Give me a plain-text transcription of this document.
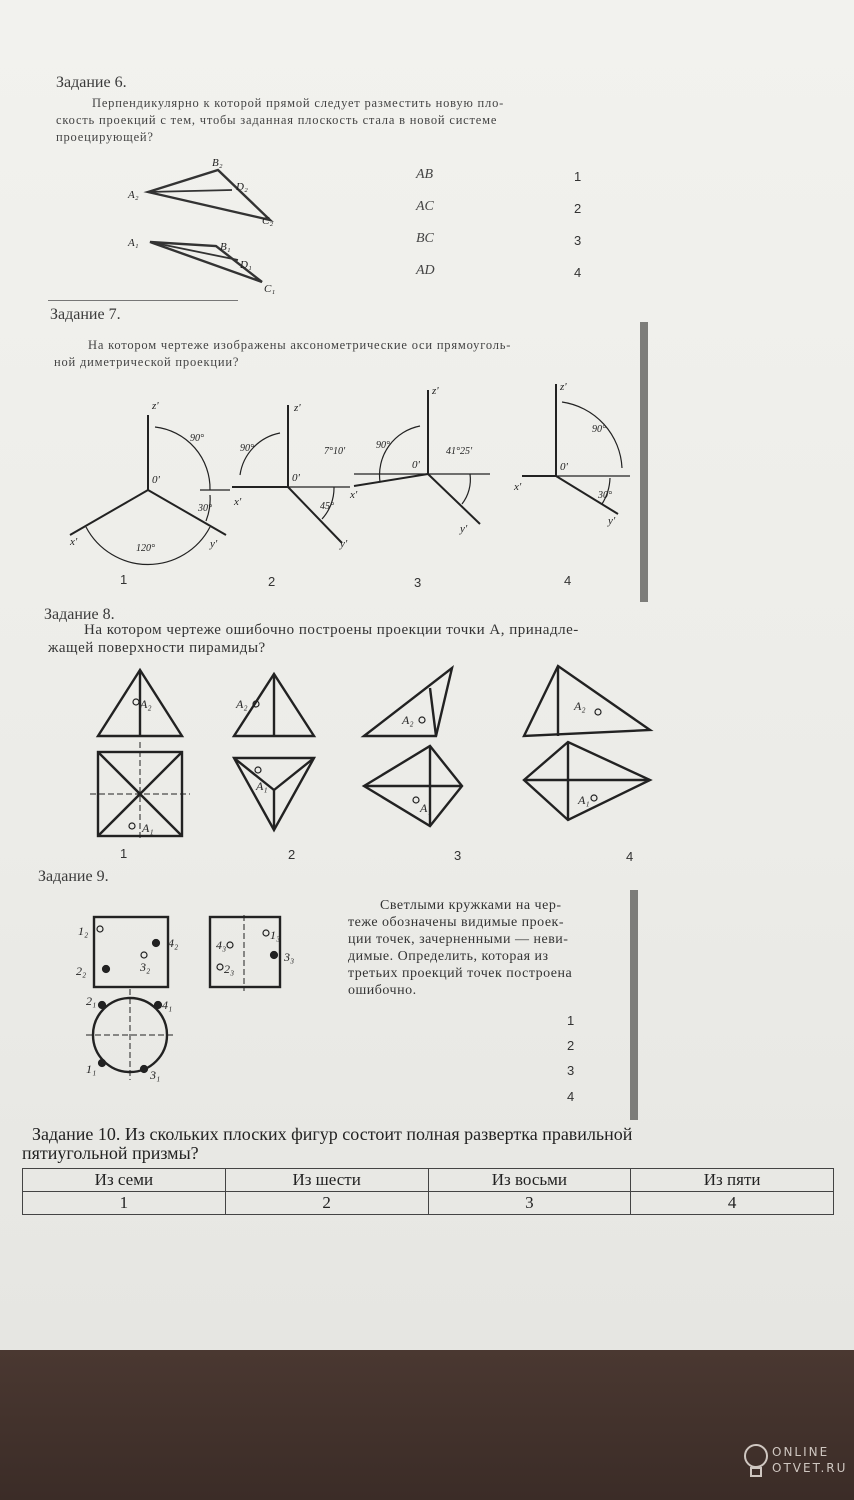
Задание 6.
Перпендикулярно к которой прямой следует разместить новую пло-
скость проекций с тем, чтобы заданная плоскость стала в новой системе
проецирующей?
B₂
A₂
D₂
C₂
A₁	B₁
D₁
C₁
AB	1
AC	2
BC	3
AD	4
Задание 7.
На котором чертеже изображены аксонометрические оси прямоуголь-
ной диметрической проекции?
z'
0'
x'	y'
90°
30°
120°
z'
0'
x'
y'
90°
45°
z'
0'
y'
x'
7°10'
90°
41°25'
z'
0'
x'
y'
90°
30°
1	2	3	4
Задание 8.
На котором чертеже ошибочно построены проекции точки A, принадле-
жащей поверхности пирамиды?
A₂
A₁
A₂
A₁
A₂
A₁
A₂
A₁
1	2	3	4
Задание 9.
1₂
4₂
3₂
2₂
4₃
1₃
3₃
2₃
2₁	4₁
1₁	3₁
Светлыми кружками на чер-
теже обозначены видимые проек-
ции точек, зачерненными — неви-
димые. Определить, которая из
третьих проекций точек построена
ошибочно.
1
2
3
4
Задание 10. Из скольких плоских фигур состоит полная развертка правильной
пятиугольной призмы?
Из семи	Из шести	Из восьми	Из пяти
1	2	3	4
ONLINE
OTVET.RU
